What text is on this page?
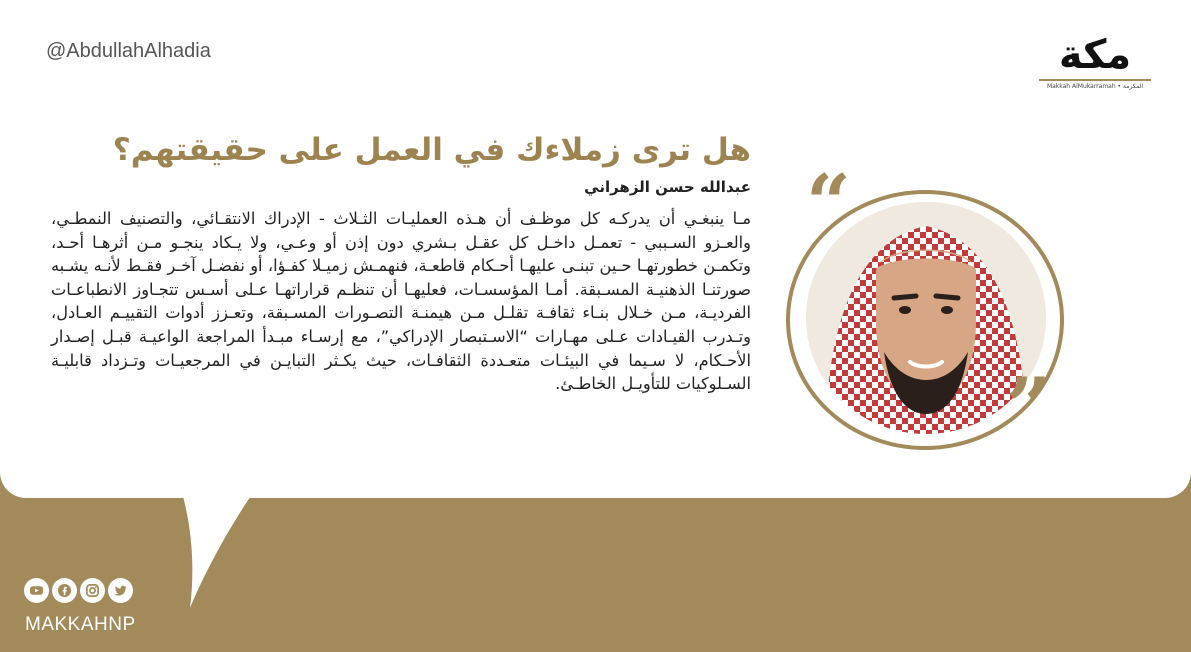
@AbdullahAlhadia	مكة
Makkah AlMukarramah • المكرمة
هل ترى زملاءك في العمل على حقيقتهم؟
عبدالله حسن الزهراني
مـا ينبغـي أن يدركـه كل موظـف أن هـذه العمليـات الثـلاث - الإدراك الانتقـائي، والتصنيف النمطـي، والعـزو السـببي - تعمـل داخـل كل عقـل بـشري دون إذن أو وعـي، ولا يـكاد ينجـو مـن أثرهـا أحـد، وتكمـن خطورتهـا حـين تبنـى عليهـا أحـكام قاطعـة، فنهمـش زميـلا كفـؤا، أو نفضـل آخـر فقـط لأنـه يشـبه صورتنـا الذهنيـة المسـبقة. أمـا المؤسسـات، فعليهـا أن تنظـم قراراتهـا عـلى أسـس تتجـاوز الانطباعـات الفرديـة، مـن خـلال بنـاء ثقافـة تقلـل مـن هيمنـة التصـورات المسـبقة، وتعـزز أدوات التقييـم العـادل، وتـدرب القيـادات عـلى مهـارات “الاسـتبصار الإدراكي”، مع إرسـاء مبـدأ المراجعة الواعيـة قبـل إصـدار الأحـكام، لا سـيما في البيئـات متعـددة الثقافـات، حيث يكـثر التبايـن في المرجعيـات وتـزداد قابليـة السـلوكيات للتأويـل الخاطـئ.
“
”
MAKKAHNP
